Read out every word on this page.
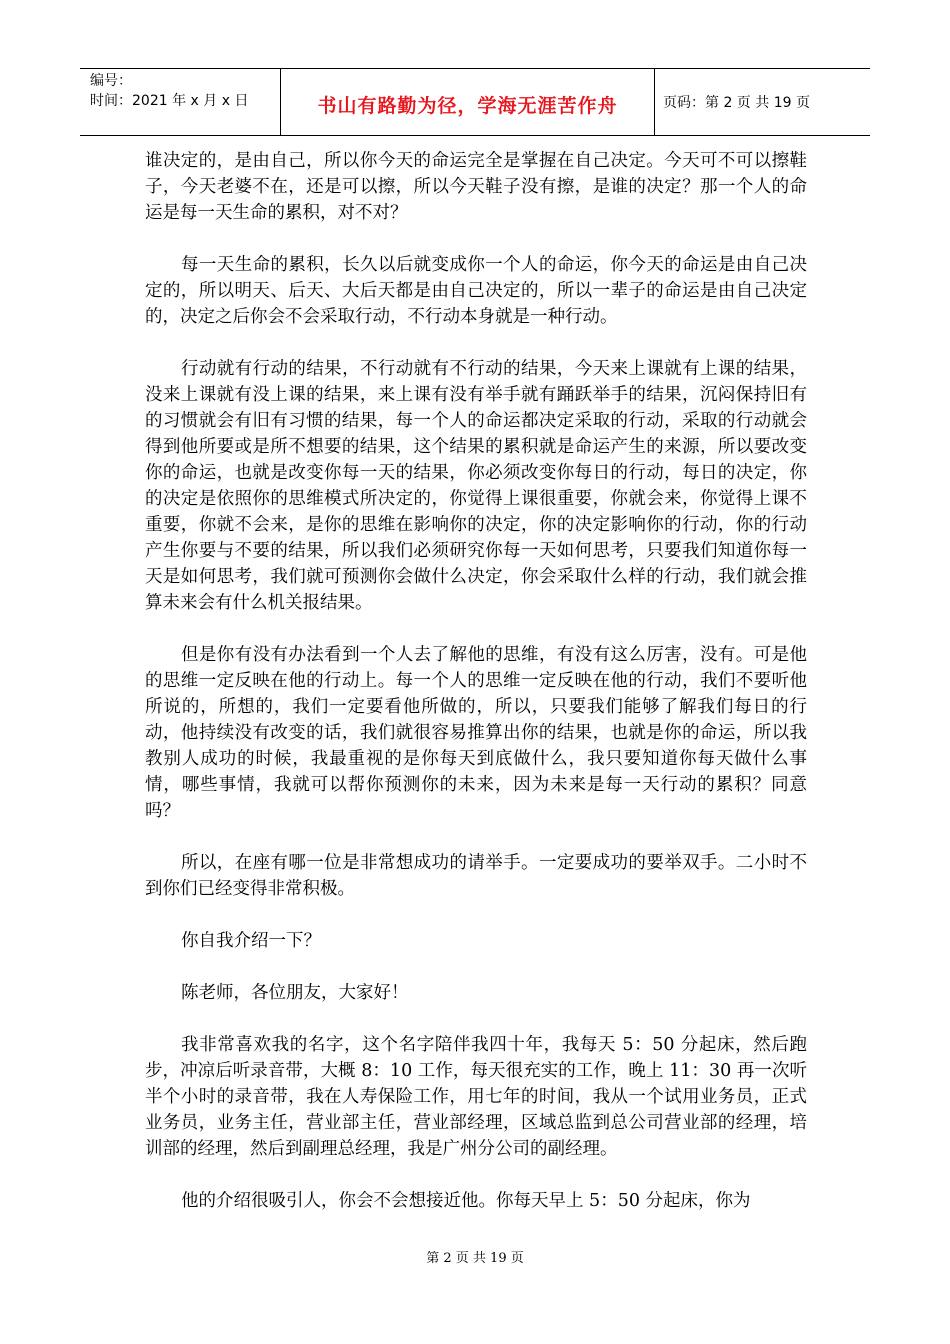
编号：
时间：2021 年 x 月 x 日	书山有路勤为径，学海无涯苦作舟	页码：第 2 页 共 19 页

谁决定的，是由自己，所以你今天的命运完全是掌握在自己决定。今天可不可以擦鞋子，今天老婆不在，还是可以擦，所以今天鞋子没有擦，是谁的决定？那一个人的命运是每一天生命的累积，对不对？

每一天生命的累积，长久以后就变成你一个人的命运，你今天的命运是由自己决定的，所以明天、后天、大后天都是由自己决定的，所以一辈子的命运是由自己决定的，决定之后你会不会采取行动，不行动本身就是一种行动。

行动就有行动的结果，不行动就有不行动的结果，今天来上课就有上课的结果，没来上课就有没上课的结果，来上课有没有举手就有踊跃举手的结果，沉闷保持旧有的习惯就会有旧有习惯的结果，每一个人的命运都决定采取的行动，采取的行动就会得到他所要或是所不想要的结果，这个结果的累积就是命运产生的来源，所以要改变你的命运，也就是改变你每一天的结果，你必须改变你每日的行动，每日的决定，你的决定是依照你的思维模式所决定的，你觉得上课很重要，你就会来，你觉得上课不重要，你就不会来，是你的思维在影响你的决定，你的决定影响你的行动，你的行动产生你要与不要的结果，所以我们必须研究你每一天如何思考，只要我们知道你每一天是如何思考，我们就可预测你会做什么决定，你会采取什么样的行动，我们就会推算未来会有什么机关报结果。

但是你有没有办法看到一个人去了解他的思维，有没有这么厉害，没有。可是他的思维一定反映在他的行动上。每一个人的思维一定反映在他的行动，我们不要听他所说的，所想的，我们一定要看他所做的，所以，只要我们能够了解我们每日的行动，他持续没有改变的话，我们就很容易推算出你的结果，也就是你的命运，所以我教别人成功的时候，我最重视的是你每天到底做什么，我只要知道你每天做什么事情，哪些事情，我就可以帮你预测你的未来，因为未来是每一天行动的累积？同意吗？

所以，在座有哪一位是非常想成功的请举手。一定要成功的要举双手。二小时不到你们已经变得非常积极。

你自我介绍一下？

陈老师，各位朋友，大家好！

我非常喜欢我的名字，这个名字陪伴我四十年，我每天 5：50 分起床，然后跑步，冲凉后听录音带，大概 8：10 工作，每天很充实的工作，晚上 11：30 再一次听半个小时的录音带，我在人寿保险工作，用七年的时间，我从一个试用业务员，正式业务员，业务主任，营业部主任，营业部经理，区域总监到总公司营业部的经理，培训部的经理，然后到副理总经理，我是广州分公司的副经理。

他的介绍很吸引人，你会不会想接近他。你每天早上 5：50 分起床，你为

第 2 页 共 19 页
